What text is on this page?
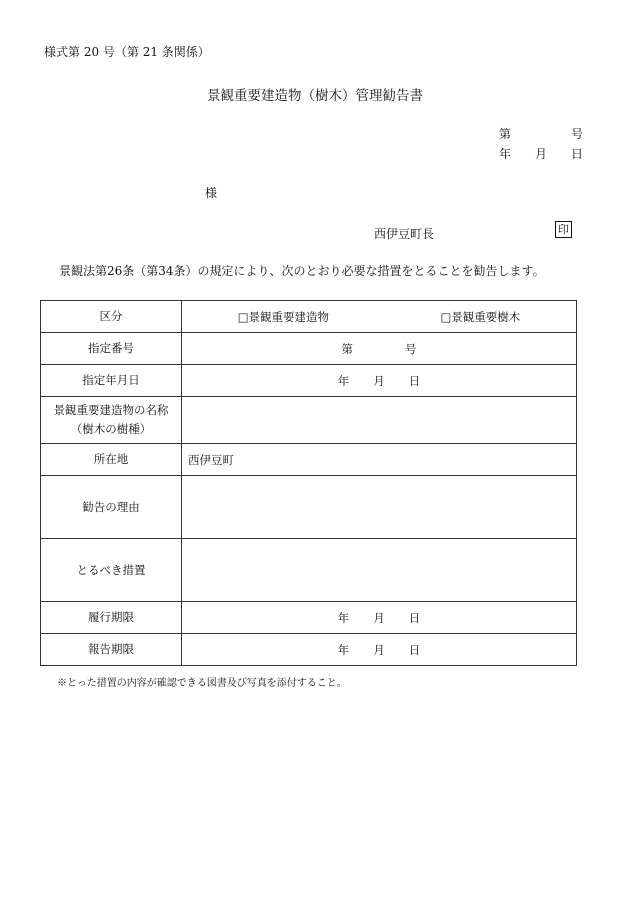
様式第 20 号（第 21 条関係）
景観重要建造物（樹木）管理勧告書
第	号
年 月 日
様
西伊豆町長	印
景観法第26条（第34条）の規定により、次のとおり必要な措置をとることを勧告します。
区分	□景観重要建造物 □景観重要樹木

指定番号	第 号
指定年月日	年 月 日

景観重要建造物の名称
（樹木の樹種）	

所在地	西伊豆町
勧告の理由	
とるべき措置	
履行期限	年 月 日
報告期限	年 月 日
※とった措置の内容が確認できる図書及び写真を添付すること。
